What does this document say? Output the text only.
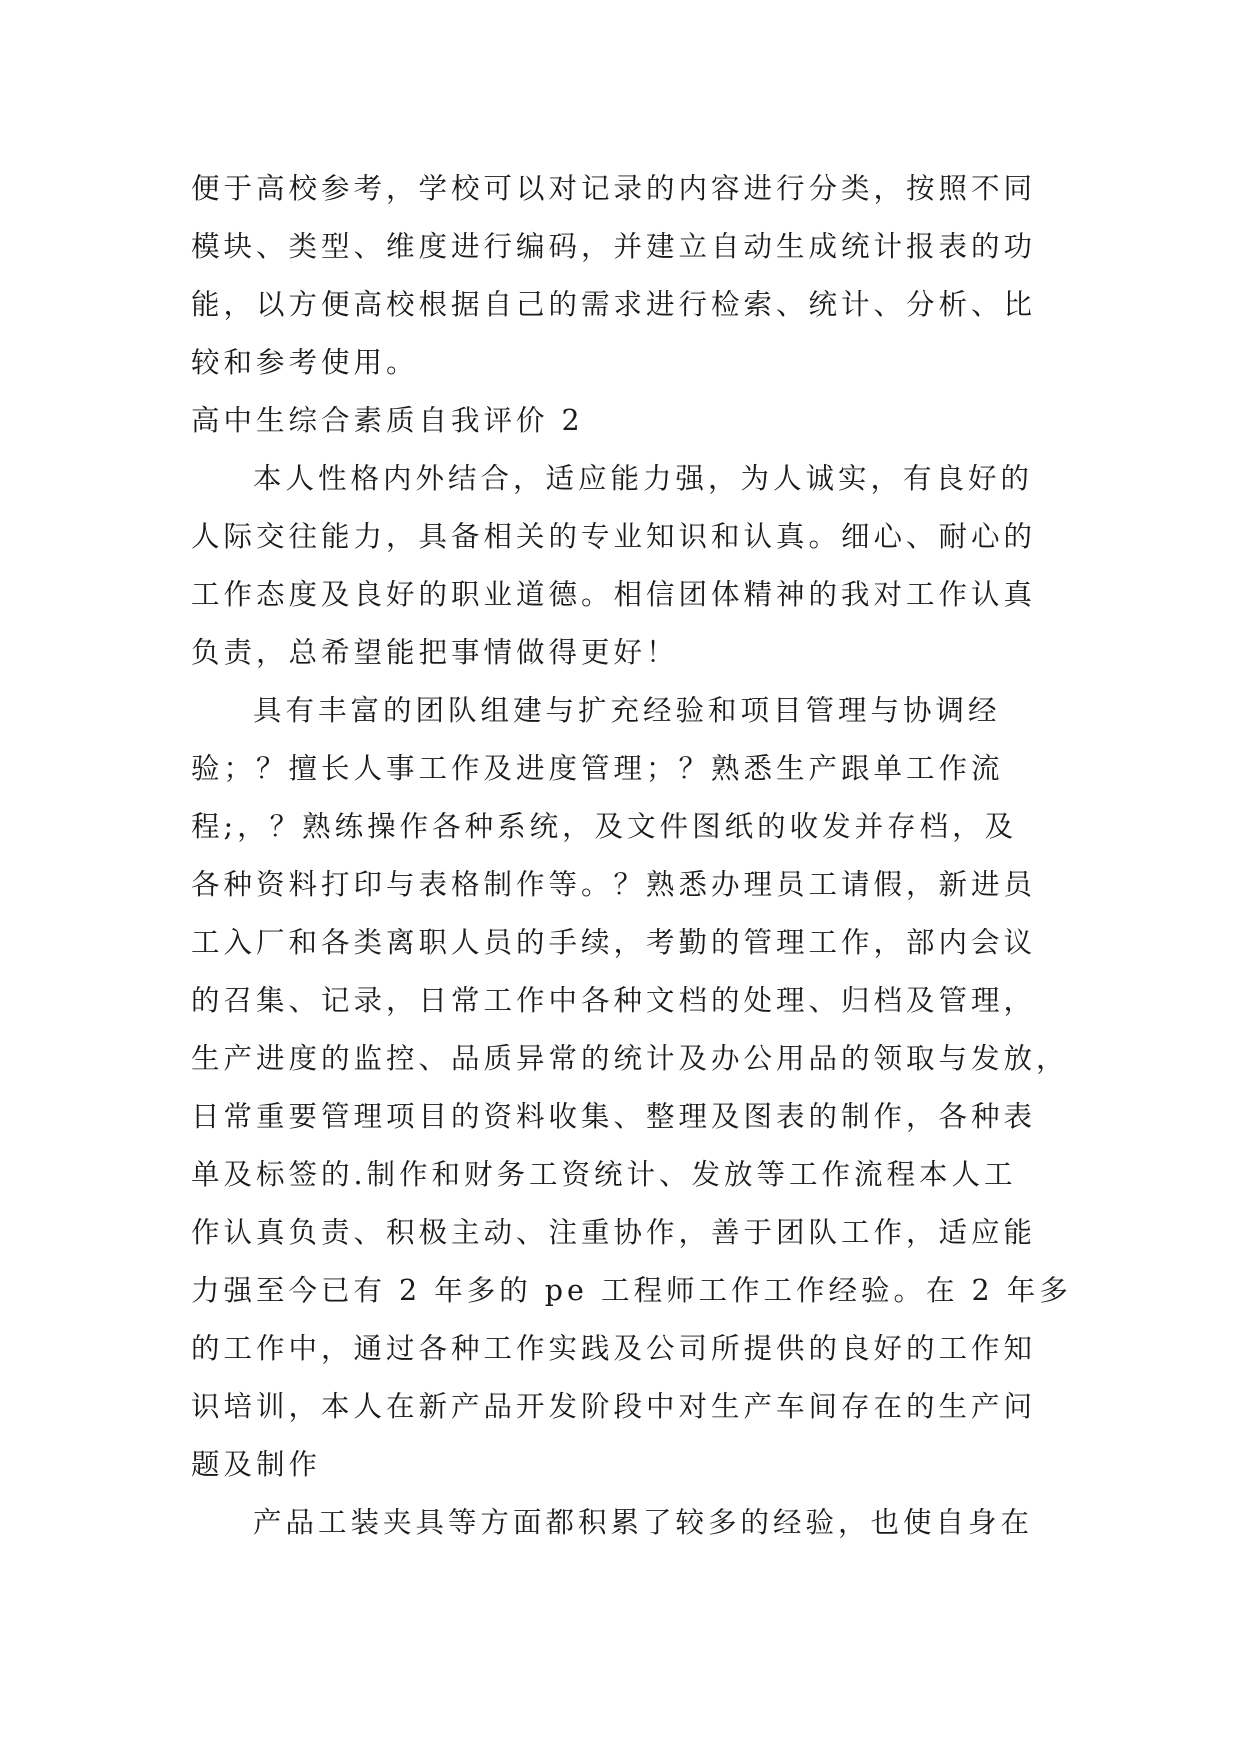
便于高校参考，学校可以对记录的内容进行分类，按照不同
模块、类型、维度进行编码，并建立自动生成统计报表的功
能，以方便高校根据自己的需求进行检索、统计、分析、比
较和参考使用。
高中生综合素质自我评价 2
本人性格内外结合，适应能力强，为人诚实，有良好的
人际交往能力，具备相关的专业知识和认真。细心、耐心的
工作态度及良好的职业道德。相信团体精神的我对工作认真
负责，总希望能把事情做得更好！
具有丰富的团队组建与扩充经验和项目管理与协调经
验；？擅长人事工作及进度管理；？熟悉生产跟单工作流
程;，？熟练操作各种系统，及文件图纸的收发并存档，及
各种资料打印与表格制作等。？熟悉办理员工请假，新进员
工入厂和各类离职人员的手续，考勤的管理工作，部内会议
的召集、记录，日常工作中各种文档的处理、归档及管理，
生产进度的监控、品质异常的统计及办公用品的领取与发放，
日常重要管理项目的资料收集、整理及图表的制作，各种表
单及标签的.制作和财务工资统计、发放等工作流程本人工
作认真负责、积极主动、注重协作，善于团队工作，适应能
力强至今已有 2 年多的 pe 工程师工作工作经验。在 2 年多
的工作中，通过各种工作实践及公司所提供的良好的工作知
识培训，本人在新产品开发阶段中对生产车间存在的生产问
题及制作
产品工装夹具等方面都积累了较多的经验，也使自身在
